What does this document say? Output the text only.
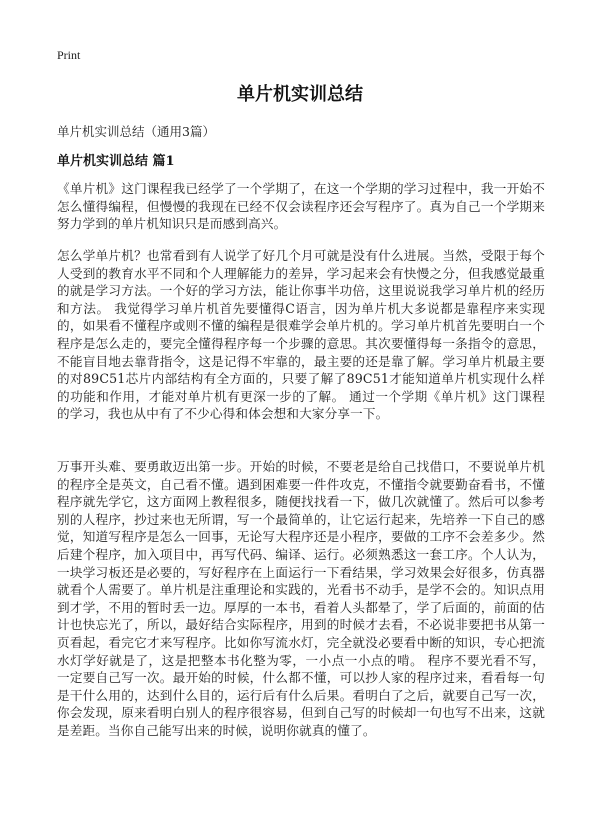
Print
单片机实训总结

单片机实训总结（通用3篇）

单片机实训总结 篇1

《单片机》这门课程我已经学了一个学期了，在这一个学期的学习过程中，我一开始不怎么懂得编程，但慢慢的我现在已经不仅会读程序还会写程序了。真为自己一个学期来努力学到的单片机知识只是而感到高兴。

怎么学单片机？也常看到有人说学了好几个月可就是没有什么进展。当然，受限于每个人受到的教育水平不同和个人理解能力的差异，学习起来会有快慢之分，但我感觉最重的就是学习方法。一个好的学习方法，能让你事半功倍，这里说说我学习单片机的经历和方法。 我觉得学习单片机首先要懂得C语言，因为单片机大多说都是靠程序来实现的，如果看不懂程序或则不懂的编程是很难学会单片机的。学习单片机首先要明白一个程序是怎么走的，要完全懂得程序每一个步骤的意思。其次要懂得每一条指令的意思，不能盲目地去靠背指令，这是记得不牢靠的，最主要的还是靠了解。学习单片机最主要的对89C51芯片内部结构有全方面的，只要了解了89C51才能知道单片机实现什么样的功能和作用，才能对单片机有更深一步的了解。 通过一个学期《单片机》这门课程的学习，我也从中有了不少心得和体会想和大家分享一下。

万事开头难、要勇敢迈出第一步。开始的时候，不要老是给自己找借口，不要说单片机的程序全是英文，自己看不懂。遇到困难要一件件攻克，不懂指令就要勤奋看书，不懂程序就先学它，这方面网上教程很多，随便找找看一下，做几次就懂了。然后可以参考别的人程序，抄过来也无所谓，写一个最简单的，让它运行起来，先培养一下自己的感觉，知道写程序是怎么一回事，无论写大程序还是小程序，要做的工序不会差多少。然后建个程序，加入项目中，再写代码、编译、运行。必须熟悉这一套工序。个人认为，一块学习板还是必要的，写好程序在上面运行一下看结果，学习效果会好很多，仿真器就看个人需要了。单片机是注重理论和实践的，光看书不动手，是学不会的。知识点用到才学，不用的暂时丢一边。厚厚的一本书，看着人头都晕了，学了后面的，前面的估计也快忘光了，所以，最好结合实际程序，用到的时候才去看，不必说非要把书从第一页看起，看完它才来写程序。比如你写流水灯，完全就没必要看中断的知识，专心把流水灯学好就是了，这是把整本书化整为零，一小点一小点的啃。 程序不要光看不写，一定要自己写一次。最开始的时候，什么都不懂，可以抄人家的程序过来，看看每一句是干什么用的，达到什么目的，运行后有什么后果。看明白了之后，就要自己写一次，你会发现，原来看明白别人的程序很容易，但到自己写的时候却一句也写不出来，这就是差距。当你自己能写出来的时候，说明你就真的懂了。
